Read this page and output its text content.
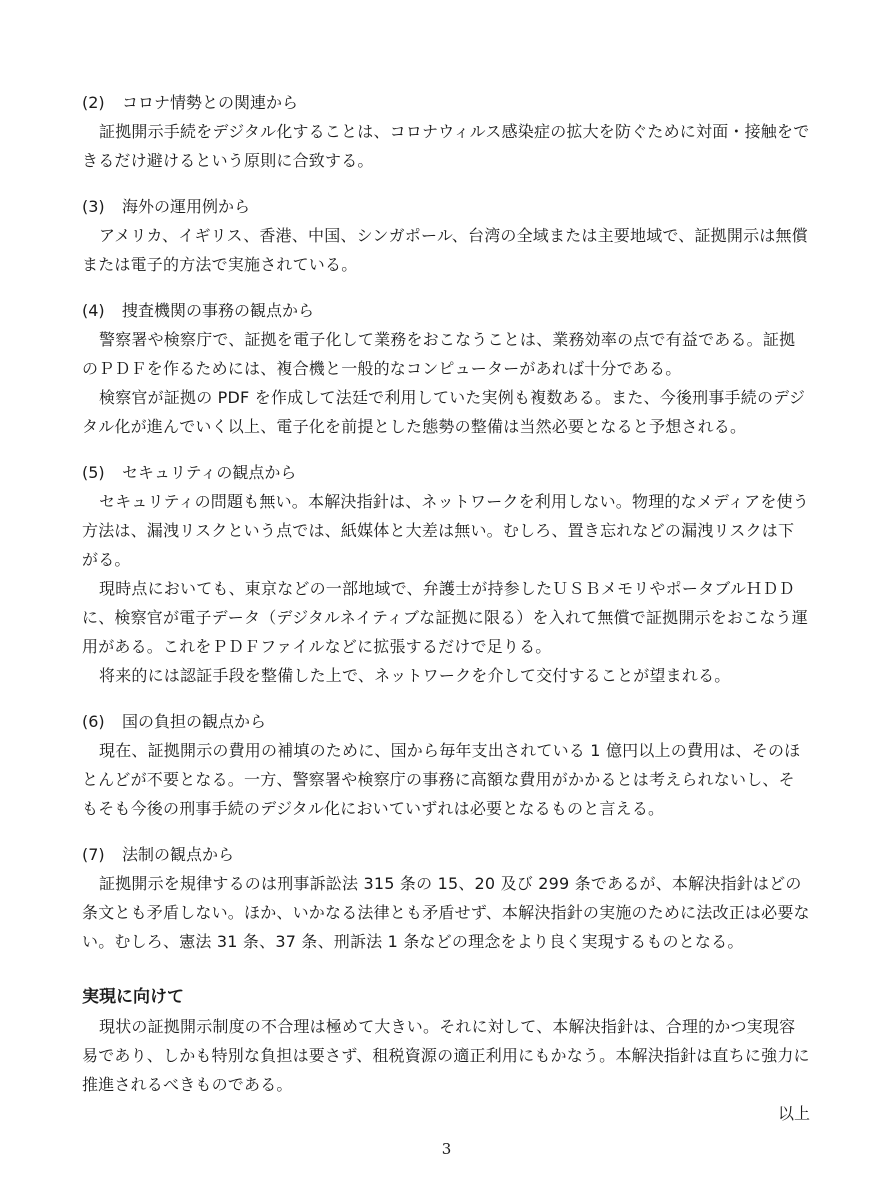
(2) コロナ情勢との関連から

証拠開示手続をデジタル化することは、コロナウィルス感染症の拡大を防ぐために対面・接触をできるだけ避けるという原則に合致する。

(3) 海外の運用例から

アメリカ、イギリス、香港、中国、シンガポール、台湾の全域または主要地域で、証拠開示は無償または電子的方法で実施されている。

(4) 捜査機関の事務の観点から

警察署や検察庁で、証拠を電子化して業務をおこなうことは、業務効率の点で有益である。証拠のＰＤＦを作るためには、複合機と一般的なコンピューターがあれば十分である。

検察官が証拠の PDF を作成して法廷で利用していた実例も複数ある。また、今後刑事手続のデジタル化が進んでいく以上、電子化を前提とした態勢の整備は当然必要となると予想される。

(5) セキュリティの観点から

セキュリティの問題も無い。本解決指針は、ネットワークを利用しない。物理的なメディアを使う方法は、漏洩リスクという点では、紙媒体と大差は無い。むしろ、置き忘れなどの漏洩リスクは下がる。

現時点においても、東京などの一部地域で、弁護士が持参したＵＳＢメモリやポータブルＨＤＤに、検察官が電子データ（デジタルネイティブな証拠に限る）を入れて無償で証拠開示をおこなう運用がある。これをＰＤＦファイルなどに拡張するだけで足りる。

将来的には認証手段を整備した上で、ネットワークを介して交付することが望まれる。

(6) 国の負担の観点から

現在、証拠開示の費用の補填のために、国から毎年支出されている 1 億円以上の費用は、そのほとんどが不要となる。一方、警察署や検察庁の事務に高額な費用がかかるとは考えられないし、そもそも今後の刑事手続のデジタル化においていずれは必要となるものと言える。

(7) 法制の観点から

証拠開示を規律するのは刑事訴訟法 315 条の 15、20 及び 299 条であるが、本解決指針はどの条文とも矛盾しない。ほか、いかなる法律とも矛盾せず、本解決指針の実施のために法改正は必要ない。むしろ、憲法 31 条、37 条、刑訴法 1 条などの理念をより良く実現するものとなる。

実現に向けて

現状の証拠開示制度の不合理は極めて大きい。それに対して、本解決指針は、合理的かつ実現容易であり、しかも特別な負担は要さず、租税資源の適正利用にもかなう。本解決指針は直ちに強力に推進されるべきものである。

以上
3
